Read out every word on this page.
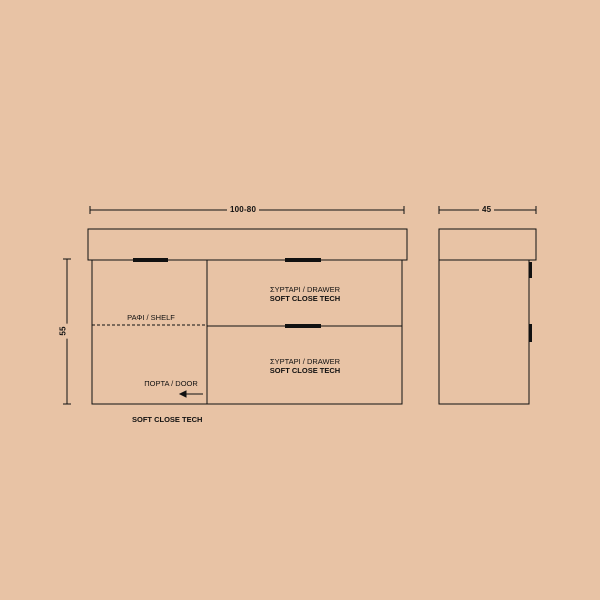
100-80	45
55
ΡΑΦΙ / SHELF
ΣΥΡΤΑΡΙ / DRAWER
SOFT CLOSE TECH
ΣΥΡΤΑΡΙ / DRAWER
SOFT CLOSE TECH
ΠΟΡΤΑ / DOOR
SOFT CLOSE TECH
